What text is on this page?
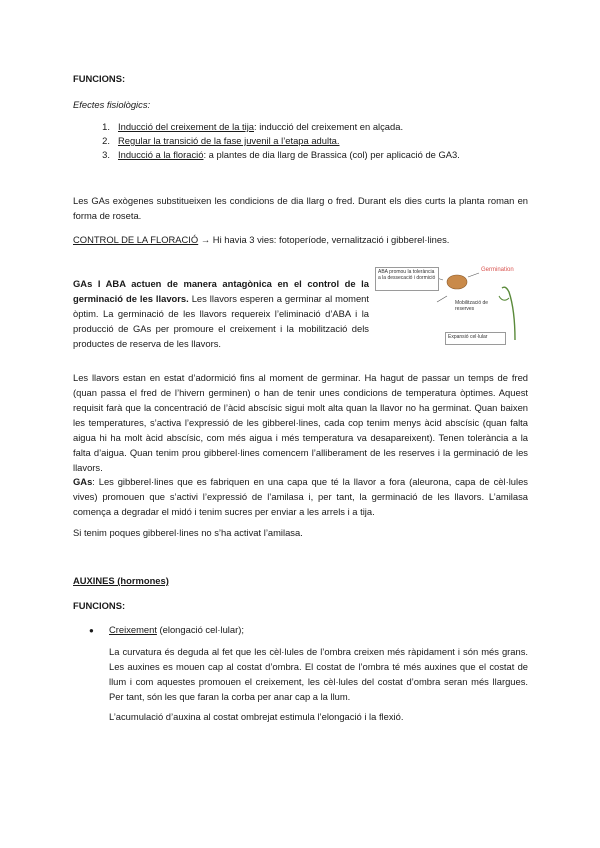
FUNCIONS:
Efectes fisiològics:
1. Inducció del creixement de la tija: inducció del creixement en alçada.
2. Regular la transició de la fase juvenil a l’etapa adulta.
3. Inducció a la floració: a plantes de dia llarg de Brassica (col) per aplicació de GA3.
Les GAs exògenes substitueixen les condicions de dia llarg o fred. Durant els dies curts la planta roman en forma de roseta.
CONTROL DE LA FLORACIÓ → Hi havia 3 vies: fotoperíode, vernalització i gibberel·lines.
GAs I ABA actuen de manera antagònica en el control de la germinació de les llavors. Les llavors esperen a germinar al moment òptim. La germinació de les llavors requereix l’eliminació d’ABA i la producció de GAs per promoure el creixement i la mobilització dels productes de reserva de les llavors.
ABA promou la tolerància a la dessecació i dormició
Germination
Mobilització de reserves
Expansió cel·lular
Les llavors estan en estat d’adormició fins al moment de germinar. Ha hagut de passar un temps de fred (quan passa el fred de l’hivern germinen) o han de tenir unes condicions de temperatura òptimes. Aquest requisit farà que la concentració de l’àcid abscísic sigui molt alta quan la llavor no ha germinat. Quan baixen les temperatures, s’activa l’expressió de les gibberel·lines, cada cop tenim menys àcid abscísic (quan falta aigua hi ha molt àcid abscísic, com més aigua i més temperatura va desapareixent). Tenen tolerància a la falta d’aigua. Quan tenim prou gibberel·lines comencem l’alliberament de les reserves i la germinació de les llavors.
GAs: Les gibberel·lines que es fabriquen en una capa que té la llavor a fora (aleurona, capa de cèl·lules vives) promouen que s’activi l’expressió de l’amilasa i, per tant, la germinació de les llavors. L’amilasa comença a degradar el midó i tenim sucres per enviar a les arrels i a tija.
Si tenim poques gibberel·lines no s’ha activat l’amilasa.
AUXINES (hormones)
FUNCIONS:
● Creixement (elongació cel·lular);
La curvatura és deguda al fet que les cèl·lules de l’ombra creixen més ràpidament i són més grans. Les auxines es mouen cap al costat d’ombra. El costat de l’ombra té més auxines que el costat de llum i com aquestes promouen el creixement, les cèl·lules del costat d’ombra seran més llargues. Per tant, són les que faran la corba per anar cap a la llum.
L’acumulació d’auxina al costat ombrejat estimula l’elongació i la flexió.
